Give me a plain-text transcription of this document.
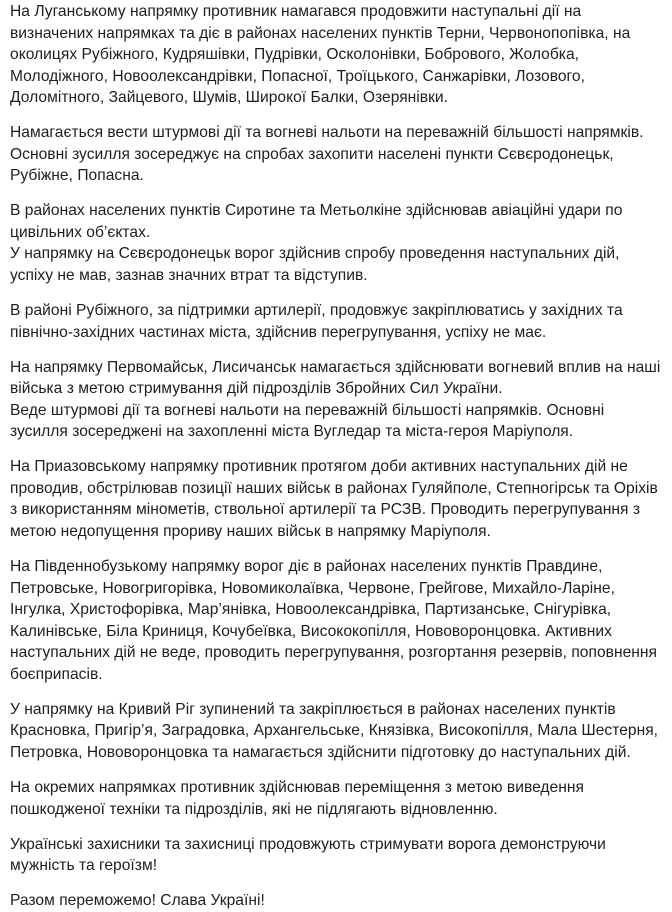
На Луганському напрямку противник намагався продовжити наступальні дії на визначених напрямках та діє в районах населених пунктів Терни, Червонопопівка, на околицях Рубіжного, Кудряшівки, Пудрівки, Осколонівки, Бобрового, Жолобка, Молодіжного, Новоолександрівки, Попасної, Троїцького, Санжарівки, Лозового, Доломітного, Зайцевого, Шумів, Широкої Балки, Озерянівки.

Намагається вести штурмові дії та вогневі нальоти на переважній більшості напрямків. Основні зусилля зосереджує на спробах захопити населені пункти Сєвєродонецьк, Рубіжне, Попасна.

В районах населених пунктів Сиротине та Метьолкіне здійснював авіаційні удари по цивільних об’єктах.
У напрямку на Сєвєродонецьк ворог здійснив спробу проведення наступальних дій, успіху не мав, зазнав значних втрат та відступив.

В районі Рубіжного, за підтримки артилерії, продовжує закріплюватись у західних та північно-західних частинах міста, здійснив перегрупування, успіху не має.

На напрямку Первомайськ, Лисичанськ намагається здійснювати вогневий вплив на наші війська з метою стримування дій підрозділів Збройних Сил України.
Веде штурмові дії та вогневі нальоти на переважній більшості напрямків. Основні зусилля зосереджені на захопленні міста Вугледар та міста-героя Маріуполя.

На Приазовському напрямку противник протягом доби активних наступальних дій не проводив, обстрілював позиції наших військ в районах Гуляйполе, Степногірськ та Оріхів з використанням мінометів, ствольної артилерії та РСЗВ. Проводить перегрупування з метою недопущення прориву наших військ в напрямку Маріуполя.

На Південнобузькому напрямку ворог діє в районах населених пунктів Правдине, Петровське, Новогригорівка, Новомиколаївка, Червоне, Грейгове, Михайло-Ларіне, Інгулка, Христофорівка, Мар’янівка, Новоолександрівка, Партизанське, Снігурівка, Калинівське, Біла Криниця, Кочубеївка, Висококопілля, Нововоронцовка. Активних наступальних дій не веде, проводить перегрупування, розгортання резервів, поповнення боєприпасів.

У напрямку на Кривий Ріг зупинений та закріплюється в районах населених пунктів Красновка, Пригір’я, Заградовка, Архангельське, Князівка, Високопілля, Мала Шестерня, Петровка, Нововоронцовка та намагається здійснити підготовку до наступальних дій.

На окремих напрямках противник здійснював переміщення з метою виведення пошкодженої техніки та підрозділів, які не підлягають відновленню.

Українські захисники та захисниці продовжують стримувати ворога демонструючи мужність та героїзм!

Разом переможемо! Слава Україні!
